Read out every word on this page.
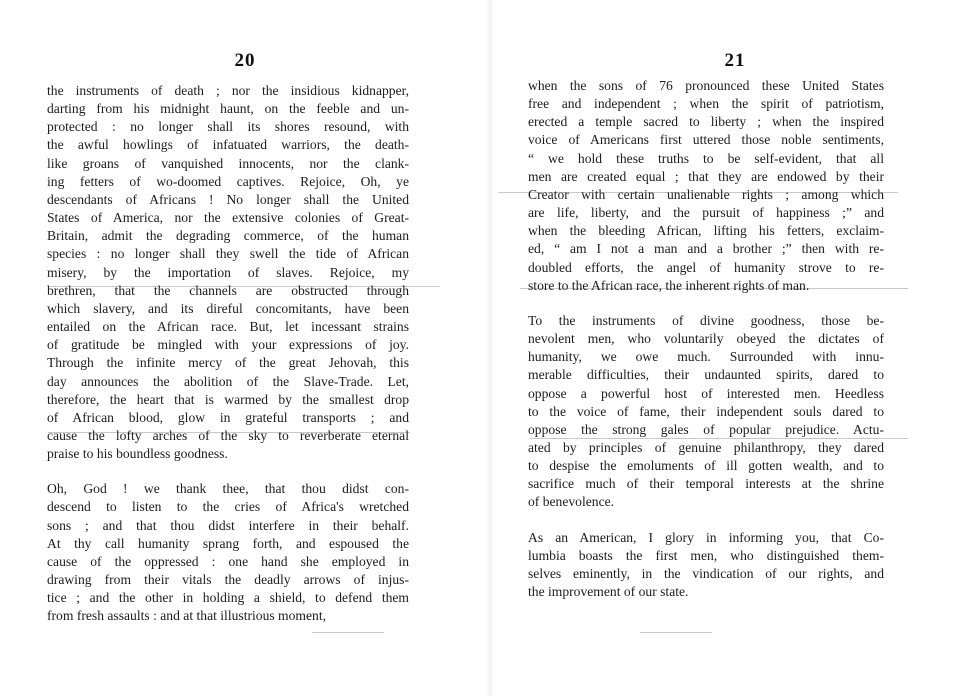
20
the instruments of death ; nor the insidious kidnapper,
darting from his midnight haunt, on the feeble and un-
protected : no longer shall its shores resound, with
the awful howlings of infatuated warriors, the death-
like groans of vanquished innocents, nor the clank-
ing fetters of wo-doomed captives. Rejoice, Oh, ye
descendants of Africans ! No longer shall the United
States of America, nor the extensive colonies of Great-
Britain, admit the degrading commerce, of the human
species : no longer shall they swell the tide of African
misery, by the importation of slaves. Rejoice, my
brethren, that the channels are obstructed through
which slavery, and its direful concomitants, have been
entailed on the African race. But, let incessant strains
of gratitude be mingled with your expressions of joy.
Through the infinite mercy of the great Jehovah, this
day announces the abolition of the Slave-Trade. Let,
therefore, the heart that is warmed by the smallest drop
of African blood, glow in grateful transports ; and
cause the lofty arches of the sky to reverberate eternal
praise to his boundless goodness.
Oh, God ! we thank thee, that thou didst con-
descend to listen to the cries of Africa's wretched
sons ; and that thou didst interfere in their behalf.
At thy call humanity sprang forth, and espoused the
cause of the oppressed : one hand she employed in
drawing from their vitals the deadly arrows of injus-
tice ; and the other in holding a shield, to defend them
from fresh assaults : and at that illustrious moment,
21
when the sons of 76 pronounced these United States
free and independent ; when the spirit of patriotism,
erected a temple sacred to liberty ; when the inspired
voice of Americans first uttered those noble sentiments,
“ we hold these truths to be self-evident, that all
men are created equal ; that they are endowed by their
Creator with certain unalienable rights ; among which
are life, liberty, and the pursuit of happiness ;” and
when the bleeding African, lifting his fetters, exclaim-
ed, “ am I not a man and a brother ;” then with re-
doubled efforts, the angel of humanity strove to re-
store to the African race, the inherent rights of man.
To the instruments of divine goodness, those be-
nevolent men, who voluntarily obeyed the dictates of
humanity, we owe much. Surrounded with innu-
merable difficulties, their undaunted spirits, dared to
oppose a powerful host of interested men. Heedless
to the voice of fame, their independent souls dared to
oppose the strong gales of popular prejudice. Actu-
ated by principles of genuine philanthropy, they dared
to despise the emoluments of ill gotten wealth, and to
sacrifice much of their temporal interests at the shrine
of benevolence.
As an American, I glory in informing you, that Co-
lumbia boasts the first men, who distinguished them-
selves eminently, in the vindication of our rights, and
the improvement of our state.
